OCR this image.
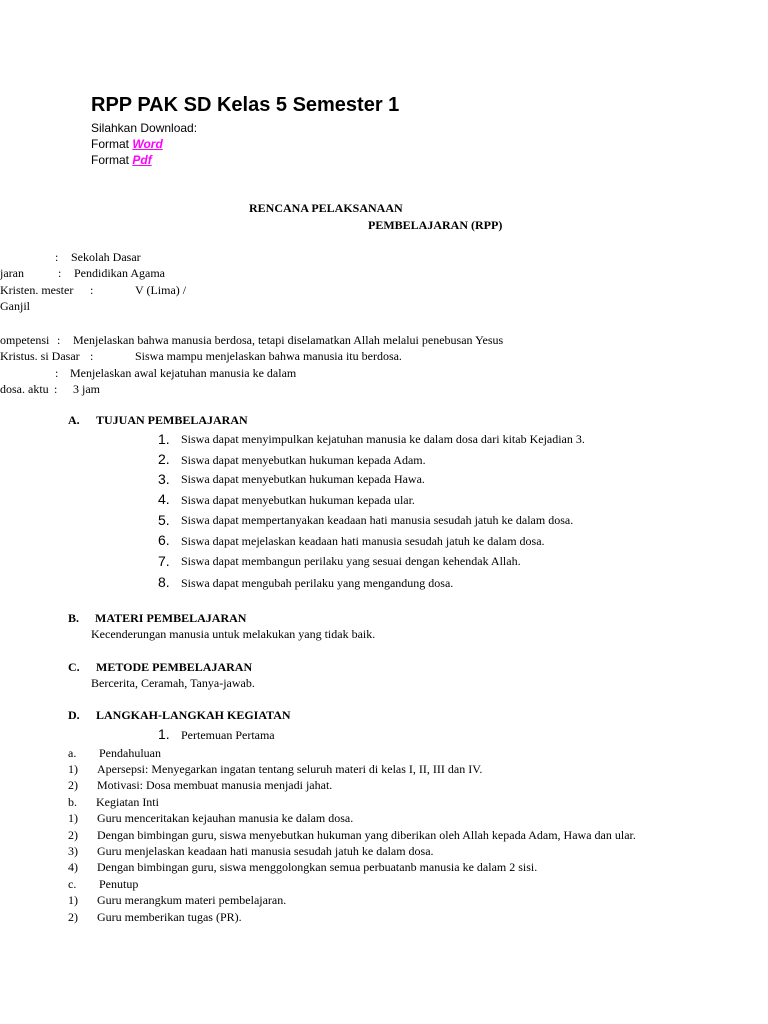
RPP PAK SD Kelas 5 Semester 1
Silahkan Download:
Format Word
Format Pdf
RENCANA PELAKSANAAN
PEMBELAJARAN (RPP)
: Sekolah Dasar
jaran	: Pendidikan Agama
Kristen. mester :	V (Lima) /
Ganjil
ompetensi : Menjelaskan bahwa manusia berdosa, tetapi diselamatkan Allah melalui penebusan Yesus
Kristus. si Dasar :	Siswa mampu menjelaskan bahwa manusia itu berdosa.
: Menjelaskan awal kejatuhan manusia ke dalam
dosa. aktu : 3 jam
A. TUJUAN PEMBELAJARAN
1. Siswa dapat menyimpulkan kejatuhan manusia ke dalam dosa dari kitab Kejadian 3.
2. Siswa dapat menyebutkan hukuman kepada Adam.
3. Siswa dapat menyebutkan hukuman kepada Hawa.
4. Siswa dapat menyebutkan hukuman kepada ular.
5. Siswa dapat mempertanyakan keadaan hati manusia sesudah jatuh ke dalam dosa.
6. Siswa dapat mejelaskan keadaan hati manusia sesudah jatuh ke dalam dosa.
7. Siswa dapat membangun perilaku yang sesuai dengan kehendak Allah.
8. Siswa dapat mengubah perilaku yang mengandung dosa.
B. MATERI PEMBELAJARAN
Kecenderungan manusia untuk melakukan yang tidak baik.
C. METODE PEMBELAJARAN
Bercerita, Ceramah, Tanya-jawab.
D. LANGKAH-LANGKAH KEGIATAN
1. Pertemuan Pertama
a. Pendahuluan
1) Apersepsi: Menyegarkan ingatan tentang seluruh materi di kelas I, II, III dan IV.
2) Motivasi: Dosa membuat manusia menjadi jahat.
b. Kegiatan Inti
1) Guru menceritakan kejauhan manusia ke dalam dosa.
2) Dengan bimbingan guru, siswa menyebutkan hukuman yang diberikan oleh Allah kepada Adam, Hawa dan ular.
3) Guru menjelaskan keadaan hati manusia sesudah jatuh ke dalam dosa.
4) Dengan bimbingan guru, siswa menggolongkan semua perbuatanb manusia ke dalam 2 sisi.
c. Penutup
1) Guru merangkum materi pembelajaran.
2) Guru memberikan tugas (PR).
